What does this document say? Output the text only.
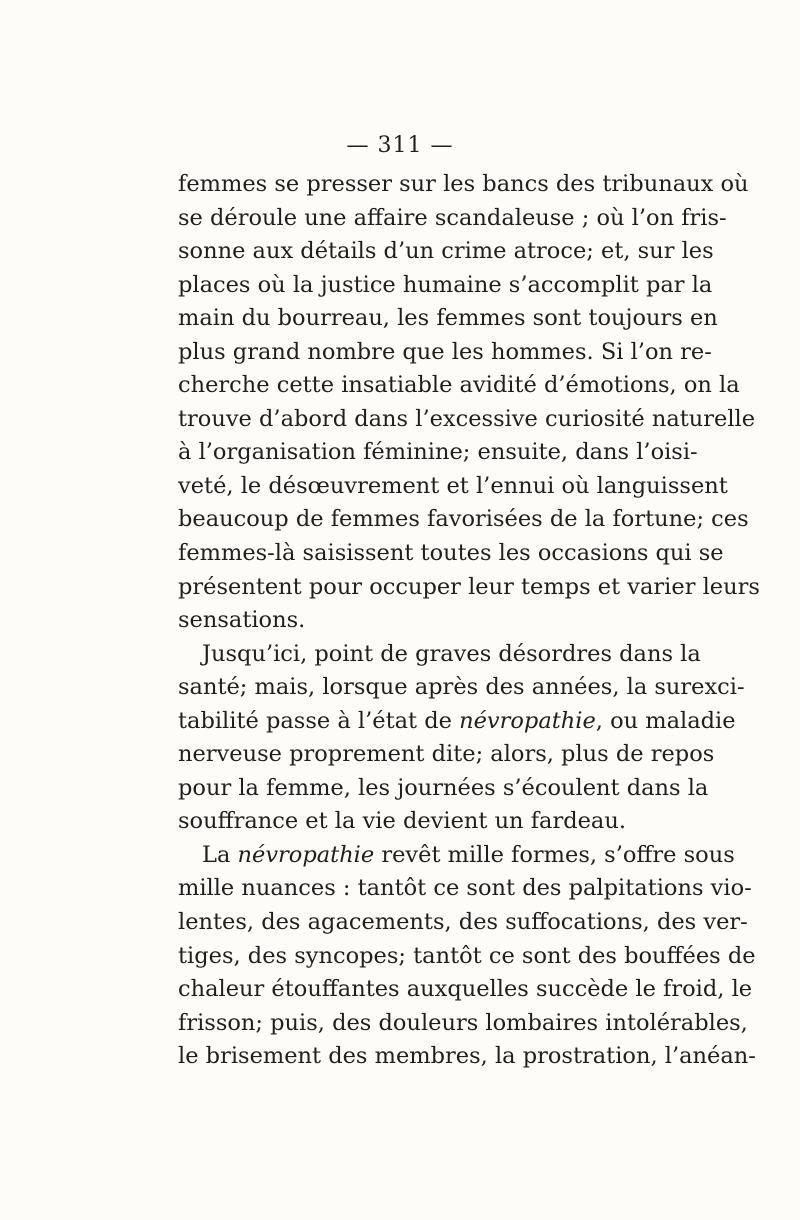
— 311 —
femmes se presser sur les bancs des tribunaux où
se déroule une affaire scandaleuse ; où l’on fris-
sonne aux détails d’un crime atroce; et, sur les
places où la justice humaine s’accomplit par la
main du bourreau, les femmes sont toujours en
plus grand nombre que les hommes. Si l’on re-
cherche cette insatiable avidité d’émotions, on la
trouve d’abord dans l’excessive curiosité naturelle
à l’organisation féminine; ensuite, dans l’oisi-
veté, le désœuvrement et l’ennui où languissent
beaucoup de femmes favorisées de la fortune; ces
femmes-là saisissent toutes les occasions qui se
présentent pour occuper leur temps et varier leurs
sensations.
Jusqu’ici, point de graves désordres dans la
santé; mais, lorsque après des années, la surexci-
tabilité passe à l’état de névropathie, ou maladie
nerveuse proprement dite; alors, plus de repos
pour la femme, les journées s’écoulent dans la
souffrance et la vie devient un fardeau.
La névropathie revêt mille formes, s’offre sous
mille nuances : tantôt ce sont des palpitations vio-
lentes, des agacements, des suffocations, des ver-
tiges, des syncopes; tantôt ce sont des bouffées de
chaleur étouffantes auxquelles succède le froid, le
frisson; puis, des douleurs lombaires intolérables,
le brisement des membres, la prostration, l’anéan-
